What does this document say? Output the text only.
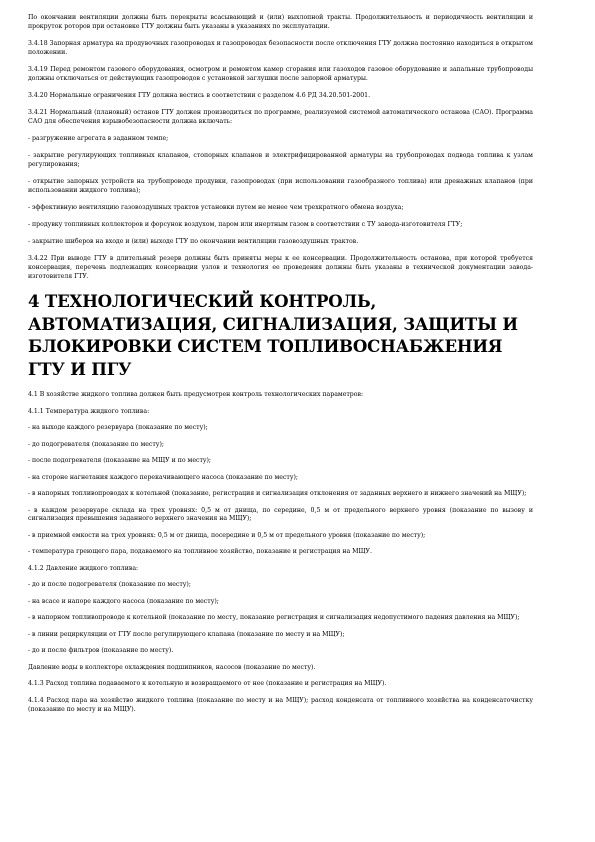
По окончании вентиляции должны быть перекрыты всасывающий и (или) выхлопной тракты. Продолжительность и периодичность вентиляции и прокруток роторов при остановке ГТУ должны быть указаны в указаниях по эксплуатации.

3.4.18 Запорная арматура на продувочных газопроводах и газопроводах безопасности после отключения ГТУ должна постоянно находиться в открытом положении.

3.4.19 Перед ремонтом газового оборудования, осмотром и ремонтом камер сгорания или газоходов газовое оборудование и запальные трубопроводы должны отключаться от действующих газопроводов с установкой заглушки после запорной арматуры.

3.4.20 Нормальные ограничения ГТУ должна вестись в соответствии с разделом 4.6 РД 34.20.501-2001.

3.4.21 Нормальный (плановый) останов ГТУ должен производиться по программе, реализуемой системой автоматического останова (САО). Программа САО для обеспечения взрывобезопасности должна включать:

- разгружение агрегата в заданном темпе;

- закрытие регулирующих топливных клапанов, стопорных клапанов и электрифицированной арматуры на трубопроводах подвода топлива к узлам регулирования;

- открытие запорных устройств на трубопроводе продувки, газопроводах (при использовании газообразного топлива) или дренажных клапанов (при использовании жидкого топлива);

- эффективную вентиляцию газовоздушных трактов установки путем не менее чем трехкратного обмена воздуха;

- продувку топливных коллекторов и форсунок воздухом, паром или инертным газом в соответствии с ТУ завода-изготовителя ГТУ;

- закрытие шиберов на входе и (или) выходе ГТУ по окончании вентиляции газовоздушных трактов.

3.4.22 При выводе ГТУ в длительный резерв должны быть приняты меры к ее консервации. Продолжительность останова, при которой требуется консервация, перечень подлежащих консервации узлов и технология ее проведения должны быть указаны в технической документации завода-изготовителя ГТУ.

4 ТЕХНОЛОГИЧЕСКИЙ КОНТРОЛЬ, АВТОМАТИЗАЦИЯ, СИГНАЛИЗАЦИЯ, ЗАЩИТЫ И БЛОКИРОВКИ СИСТЕМ ТОПЛИВОСНАБЖЕНИЯ ГТУ И ПГУ

4.1 В хозяйстве жидкого топлива должен быть предусмотрен контроль технологических параметров:

4.1.1 Температура жидкого топлива:

- на выходе каждого резервуара (показание по месту);

- до подогревателя (показание по месту);

- после подогревателя (показание на МЩУ и по месту);

- на стороне нагнетания каждого перекачивающего насоса (показание по месту);

- в напорных топливопроводах к котельной (показание, регистрация и сигнализация отклонения от заданных верхнего и нижнего значений на МЩУ);

- в каждом резервуаре склада на трех уровнях: 0,5 м от днища, по середине, 0,5 м от предельного верхнего уровня (показание по вызову и сигнализация превышения заданного верхнего значения на МЩУ);

- в приемной емкости на трех уровнях: 0,5 м от днища, посередине и 0,5 м от предельного уровня (показание по месту);

- температура греющего пара, подаваемого на топливное хозяйство, показание и регистрация на МЩУ.

4.1.2 Давление жидкого топлива:

- до и после подогревателя (показание по месту);

- на всасе и напоре каждого насоса (показание по месту);

- в напорном топливопроводе к котельной (показание по месту, показание регистрация и сигнализация недопустимого падения давления на МЩУ);

- в линии рециркуляции от ГТУ после регулирующего клапана (показание по месту и на МЩУ);

- до и после фильтров (показание по месту).

Давление воды в коллекторе охлаждения подшипников, насосов (показание по месту).

4.1.3 Расход топлива подаваемого к котельную и возвращаемого от нее (показание и регистрация на МЩУ).

4.1.4 Расход пара на хозяйство жидкого топлива (показание по месту и на МЩУ); расход конденсата от топливного хозяйства на конденсаточистку (показание по месту и на МЩУ).
